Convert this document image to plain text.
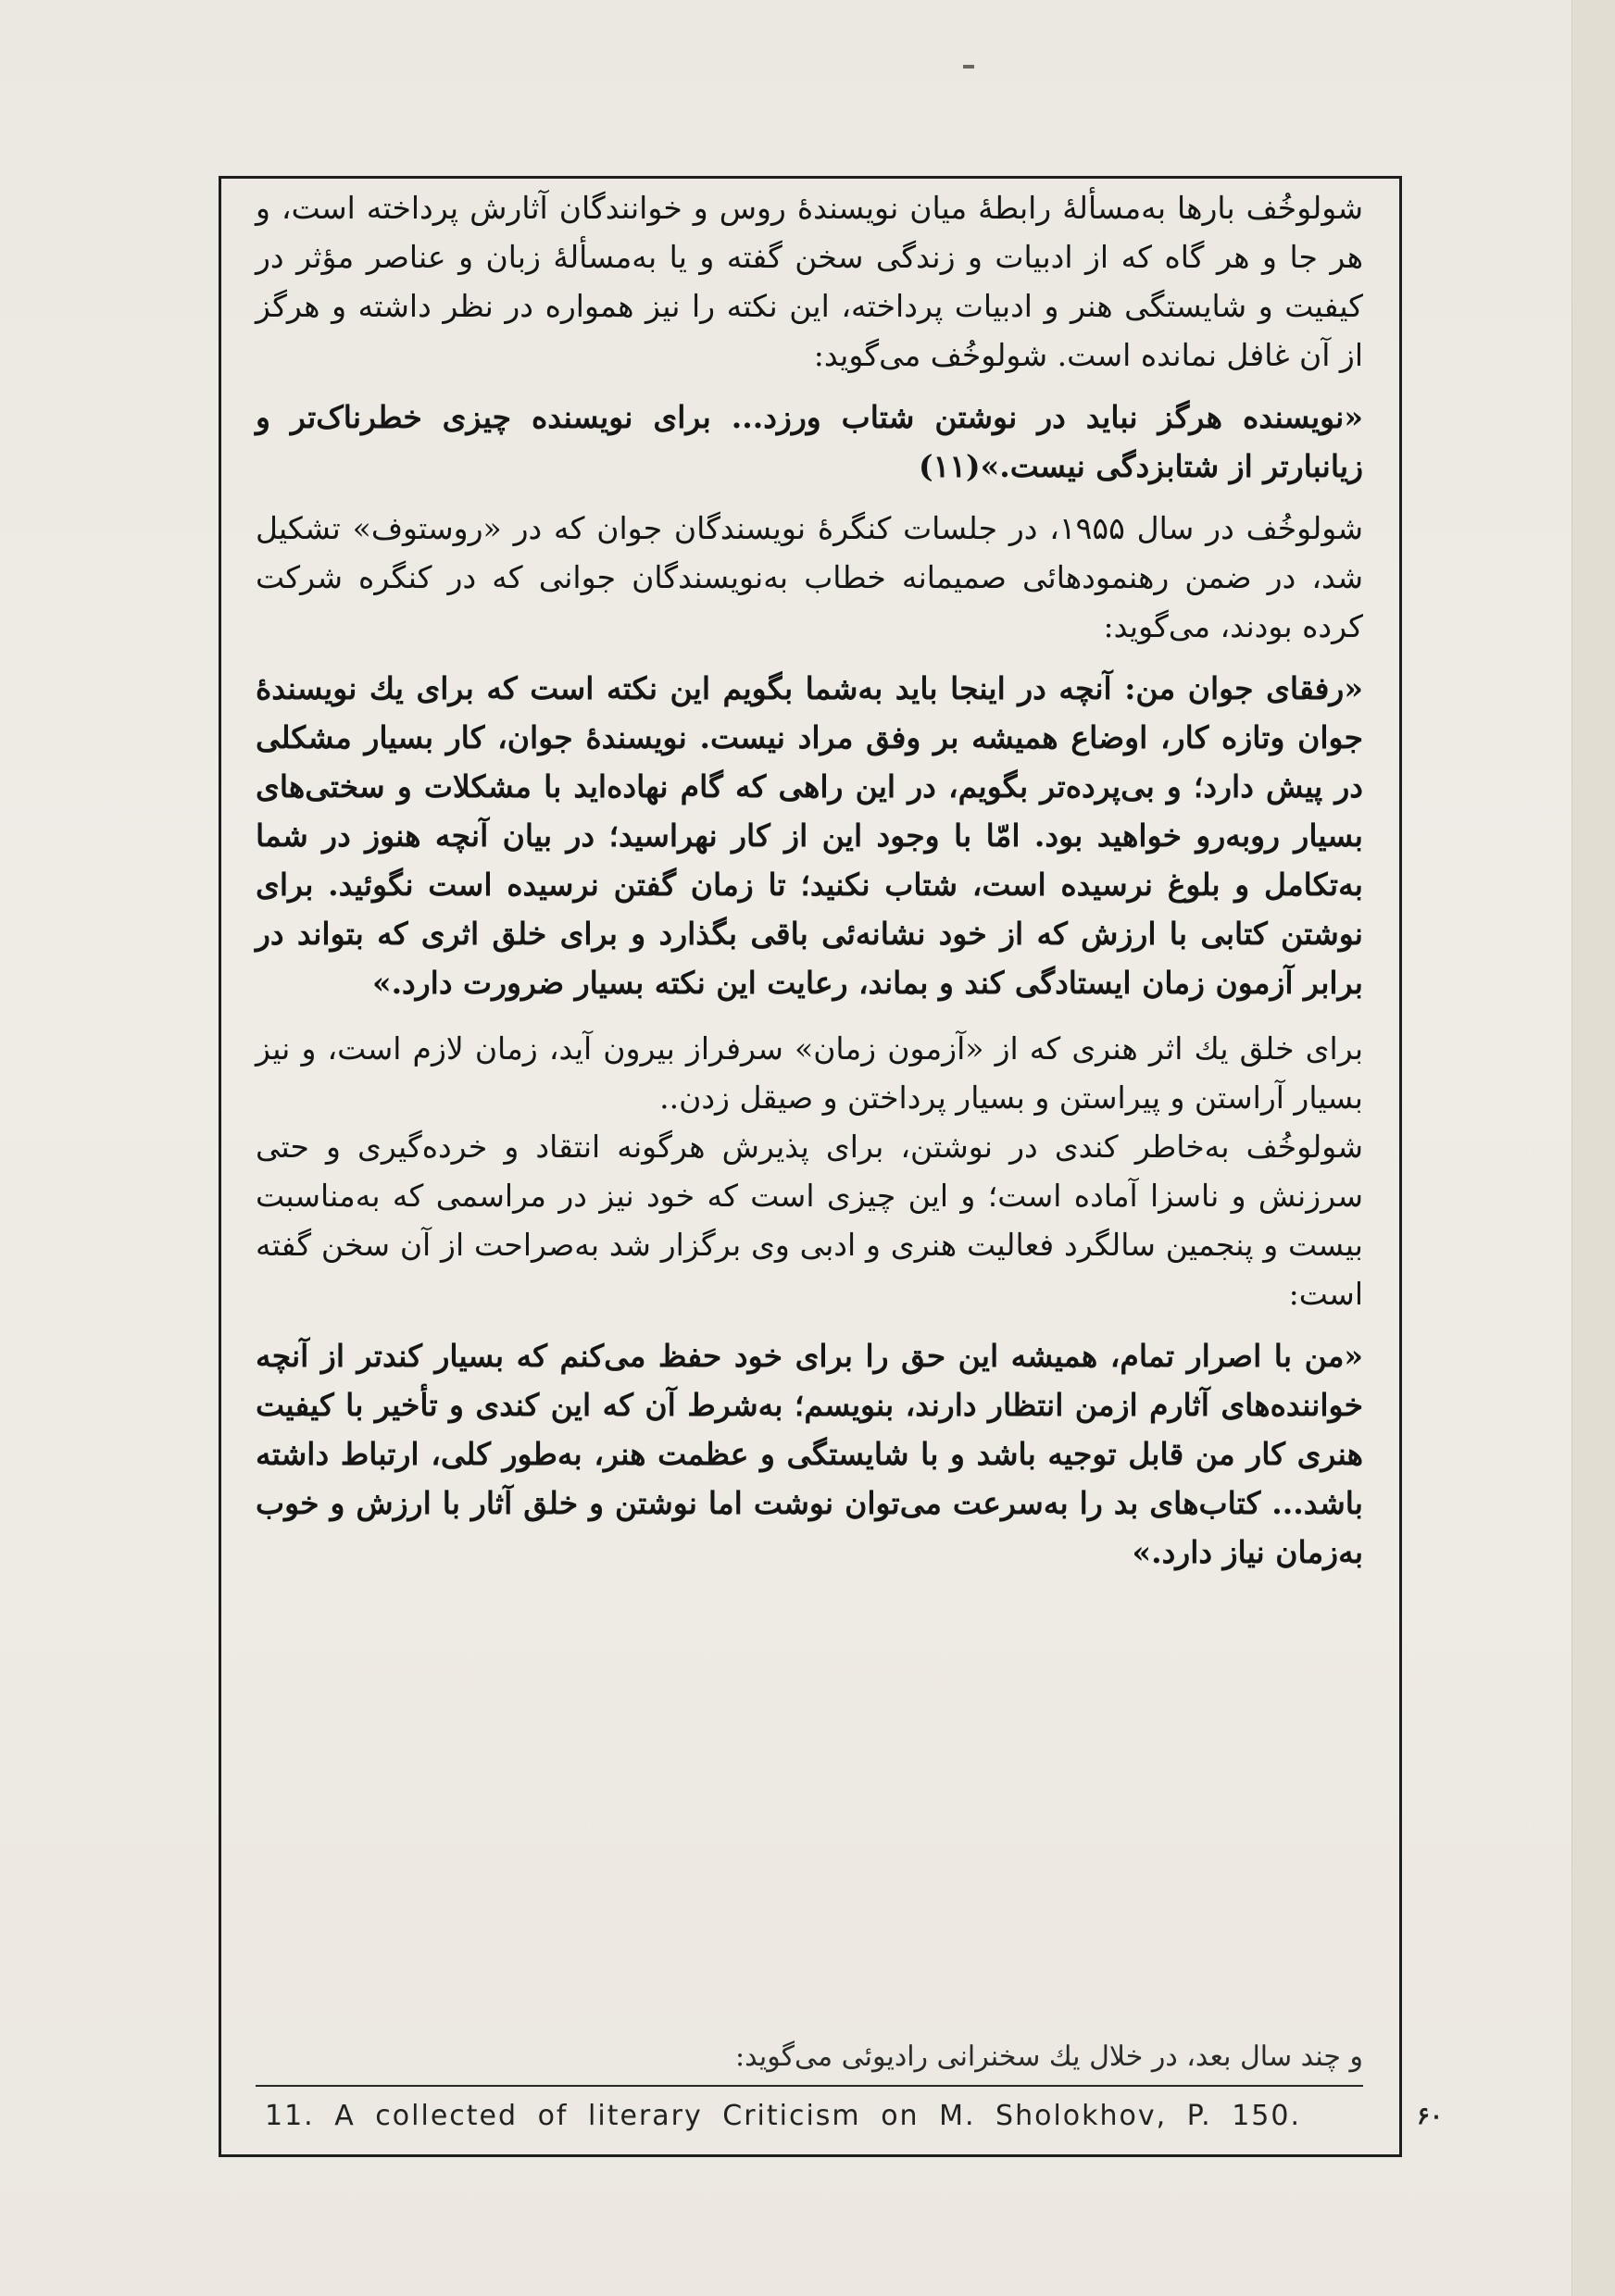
شولوخُف بارها به‌مسألهٔ رابطهٔ میان نویسندهٔ روس و خوانندگان آثارش پرداخته است، و هر جا و هر گاه که از ادبیات و زندگی سخن گفته و یا به‌مسألهٔ زبان و عناصر مؤثر در کیفیت و شایستگی هنر و ادبیات پرداخته، این نکته را نیز همواره در نظر داشته و هرگز از آن غافل نمانده است. شولوخُف می‌گوید:

«نویسنده هرگز نباید در نوشتن شتاب ورزد... برای نویسنده چیزی خطرناک‌تر و زیانبارتر از شتابزدگی نیست.»(۱۱)

شولوخُف در سال ۱۹۵۵، در جلسات کنگرهٔ نویسندگان جوان که در «روستوف» تشکیل شد، در ضمن رهنمودهائی صمیمانه خطاب به‌نویسندگان جوانی که در کنگره شرکت کرده بودند، می‌گوید:

«رفقای جوان من: آنچه در اینجا باید به‌شما بگویم این نکته است که برای یك نویسندهٔ جوان وتازه کار، اوضاع همیشه بر وفق مراد نیست. نویسندهٔ جوان، کار بسیار مشکلی در پیش دارد؛ و بی‌پرده‌تر بگویم، در این راهی که گام نهاده‌اید با مشکلات و سختی‌های بسیار روبه‌رو خواهید بود. امّا با وجود این از کار نهراسید؛ در بیان آنچه هنوز در شما به‌تکامل و بلوغ نرسیده است، شتاب نکنید؛ تا زمان گفتن نرسیده است نگوئید. برای نوشتن کتابی با ارزش که از خود نشانه‌ئی باقی بگذارد و برای خلق اثری که بتواند در برابر آزمون زمان ایستادگی کند و بماند، رعایت این نکته بسیار ضرورت دارد.»

برای خلق یك اثر هنری که از «آزمون زمان» سرفراز بیرون آید، زمان لازم است، و نیز بسیار آراستن و پیراستن و بسیار پرداختن و صیقل زدن..

شولوخُف به‌خاطر کندی در نوشتن، برای پذیرش هرگونه انتقاد و خرده‌گیری و حتی سرزنش و ناسزا آماده است؛ و این چیزی است که خود نیز در مراسمی که به‌مناسبت بیست و پنجمین سالگرد فعالیت هنری و ادبی وی برگزار شد به‌صراحت از آن سخن گفته است:

«من با اصرار تمام، همیشه این حق را برای خود حفظ می‌کنم که بسیار کندتر از آنچه خواننده‌های آثارم ازمن انتظار دارند، بنویسم؛ به‌شرط آن که این کندی و تأخیر با کیفیت هنری کار من قابل توجیه باشد و با شایستگی و عظمت هنر، به‌طور کلی، ارتباط داشته باشد... کتاب‌های بد را به‌سرعت می‌توان نوشت اما نوشتن و خلق آثار با ارزش و خوب به‌زمان نیاز دارد.»

و چند سال بعد، در خلال یك سخنرانی رادیوئی می‌گوید:
11. A collected of literary Criticism on M. Sholokhov, P. 150.	۶۰
